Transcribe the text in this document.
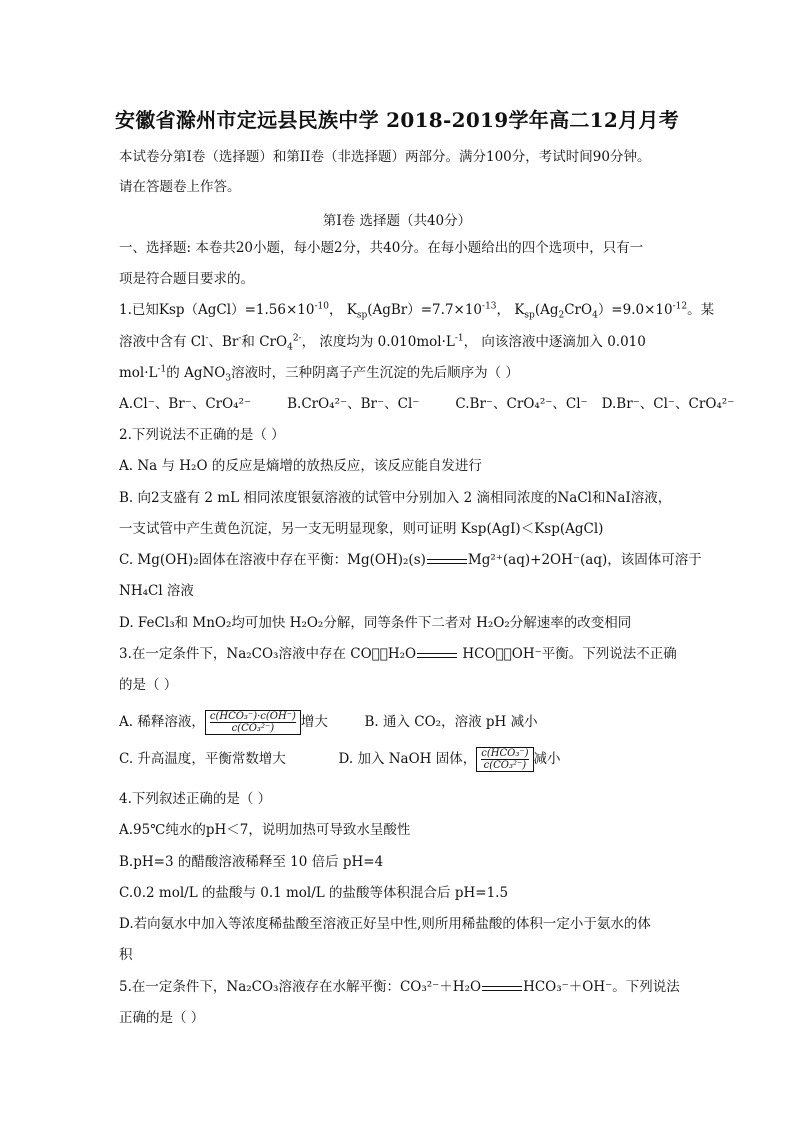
安徽省滁州市定远县民族中学 2018-2019学年高二12月月考
本试卷分第I卷（选择题）和第II卷（非选择题）两部分。满分100分，考试时间90分钟。
请在答题卷上作答。
第I卷 选择题（共40分）
一、选择题: 本卷共20小题，每小题2分，共40分。在每小题给出的四个选项中，只有一
项是符合题目要求的。
1.已知$Ksp(AgCl)=1.56\times 10^{-10}$， $K_{sp}(AgBr)=7.7\times 10^{-13}$， $K_{sp}(Ag_2CrO_4)=9.0\times 10^{-12}$。某
溶液中含有 Cl-、Br-和 CrO$_4^{2-}$， 浓度均为 $0.010mol\cdot L^{-1}$， 向该溶液中逐滴加入 0.010
$mol\cdot L^{-1}$的 AgNO$_3$溶液时，三种阴离子产生沉淀的先后顺序为（ ）
A.Cl⁻、Br⁻、CrO₄²⁻	B.CrO₄²⁻、Br⁻、Cl⁻	C.Br⁻、CrO₄²⁻、Cl⁻ D.Br⁻、Cl⁻、CrO₄²⁻
2.下列说法不正确的是（ ）
A. Na 与 H₂O 的反应是熵增的放热反应，该反应能自发进行
B. 向2支盛有 2 mL 相同浓度银氨溶液的试管中分别加入 2 滴相同浓度的NaCl和NaI溶液，
一支试管中产生黄色沉淀，另一支无明显现象，则可证明 Ksp(AgI)＜Ksp(AgCl)
C. Mg(OH)₂固体在溶液中存在平衡：Mg(OH)₂(s)	Mg²⁺(aq)+2OH⁻(aq)，该固体可溶于
NH₄Cl 溶液
D. FeCl₃和 MnO₂均可加快 H₂O₂分解，同等条件下二者对 H₂O₂分解速率的改变相同
3.在一定条件下，Na₂CO₃溶液中存在 CO⃞＋H₂O	HCO⃞＋OH⁻平衡。下列说法不正确
的是（ ）
A. 稀释溶液， $\frac{\text{c(HCO₃⁻)·c(OH⁻)}}{\text{c(CO₃²⁻)}}$ 增大	B. 通入 CO₂，溶液 pH 减小
C. 升高温度，平衡常数增大	D. 加入 NaOH 固体， $\frac{\text{c(HCO₃⁻)}}{\text{c(CO₃²⁻)}}$ 减小
4.下列叙述正确的是（ ）
A.95℃纯水的pH＜7，说明加热可导致水呈酸性
B.pH=3 的醋酸溶液稀释至 10 倍后 pH=4
C.0.2 mol/L 的盐酸与 0.1 mol/L 的盐酸等体积混合后 pH=1.5
D.若向氨水中加入等浓度稀盐酸至溶液正好呈中性,则所用稀盐酸的体积一定小于氨水的体
积
5.在一定条件下，Na₂CO₃溶液存在水解平衡：CO₃²⁻＋H₂O	HCO₃⁻＋OH⁻。下列说法
正确的是（ ）
